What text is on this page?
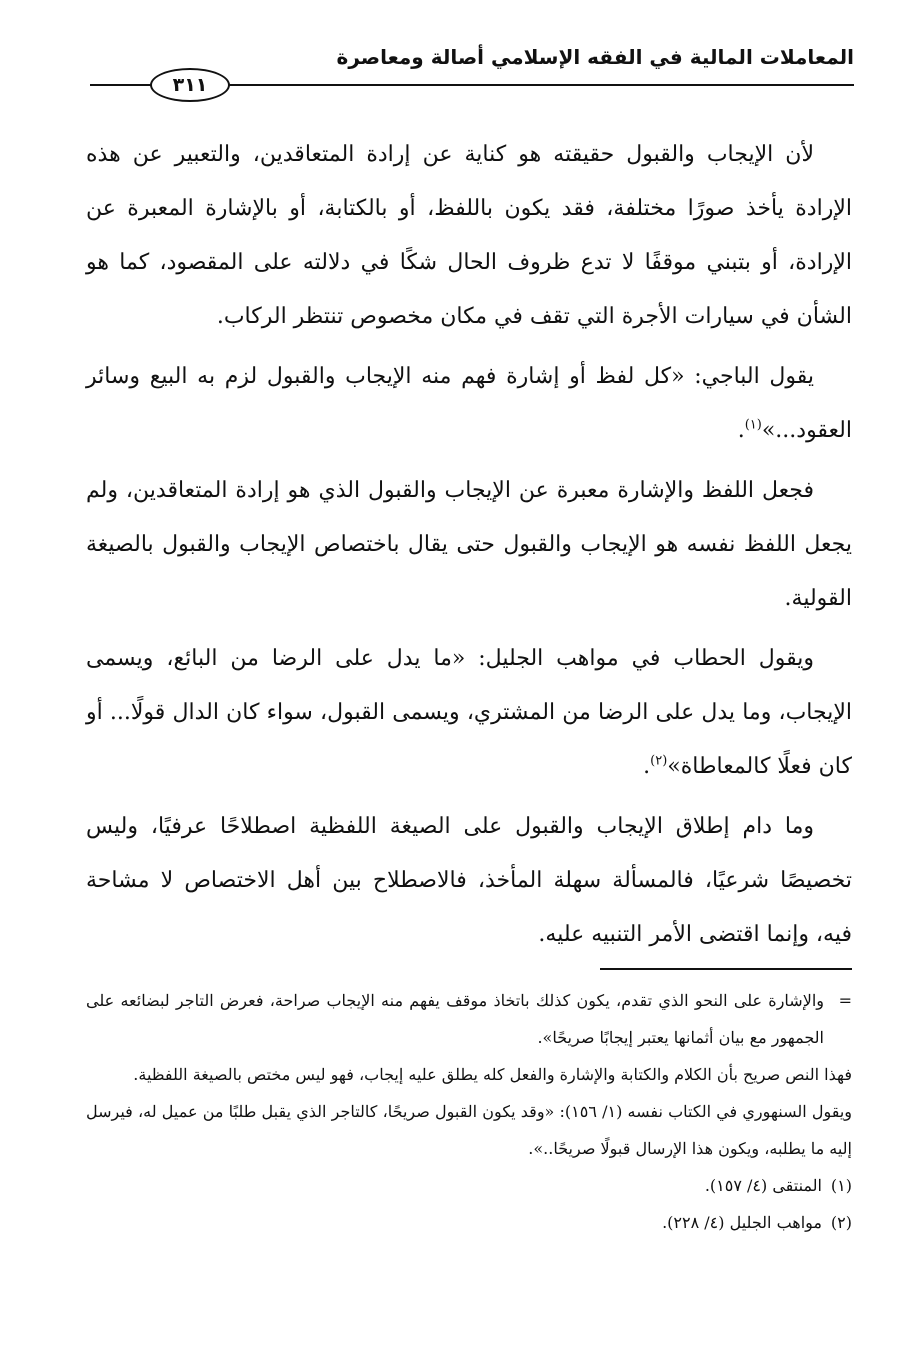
المعاملات المالية في الفقه الإسلامي أصالة ومعاصرة
٣١١

لأن الإيجاب والقبول حقيقته هو كناية عن إرادة المتعاقدين، والتعبير عن هذه الإرادة يأخذ صورًا مختلفة، فقد يكون باللفظ، أو بالكتابة، أو بالإشارة المعبرة عن الإرادة، أو بتبني موقفًا لا تدع ظروف الحال شكًا في دلالته على المقصود، كما هو الشأن في سيارات الأجرة التي تقف في مكان مخصوص تنتظر الركاب.

يقول الباجي: «كل لفظ أو إشارة فهم منه الإيجاب والقبول لزم به البيع وسائر العقود...»$^{(١)}$.

فجعل اللفظ والإشارة معبرة عن الإيجاب والقبول الذي هو إرادة المتعاقدين، ولم يجعل اللفظ نفسه هو الإيجاب والقبول حتى يقال باختصاص الإيجاب والقبول بالصيغة القولية.

ويقول الحطاب في مواهب الجليل: «ما يدل على الرضا من البائع، ويسمى الإيجاب، وما يدل على الرضا من المشتري، ويسمى القبول، سواء كان الدال قولًا... أو كان فعلًا كالمعاطاة»$^{(٢)}$.

وما دام إطلاق الإيجاب والقبول على الصيغة اللفظية اصطلاحًا عرفيًا، وليس تخصيصًا شرعيًا، فالمسألة سهلة المأخذ، فالاصطلاح بين أهل الاختصاص لا مشاحة فيه، وإنما اقتضى الأمر التنبيه عليه.

=
والإشارة على النحو الذي تقدم، يكون كذلك باتخاذ موقف يفهم منه الإيجاب صراحة، فعرض التاجر لبضائعه على الجمهور مع بيان أثمانها يعتبر إيجابًا صريحًا».

فهذا النص صريح بأن الكلام والكتابة والإشارة والفعل كله يطلق عليه إيجاب، فهو ليس مختص بالصيغة اللفظية.

ويقول السنهوري في الكتاب نفسه (١/ ١٥٦): «وقد يكون القبول صريحًا، كالتاجر الذي يقبل طلبًا من عميل له، فيرسل إليه ما يطلبه، ويكون هذا الإرسال قبولًا صريحًا..».

(١)
المنتقى (٤/ ١٥٧).

(٢)
مواهب الجليل (٤/ ٢٢٨).
